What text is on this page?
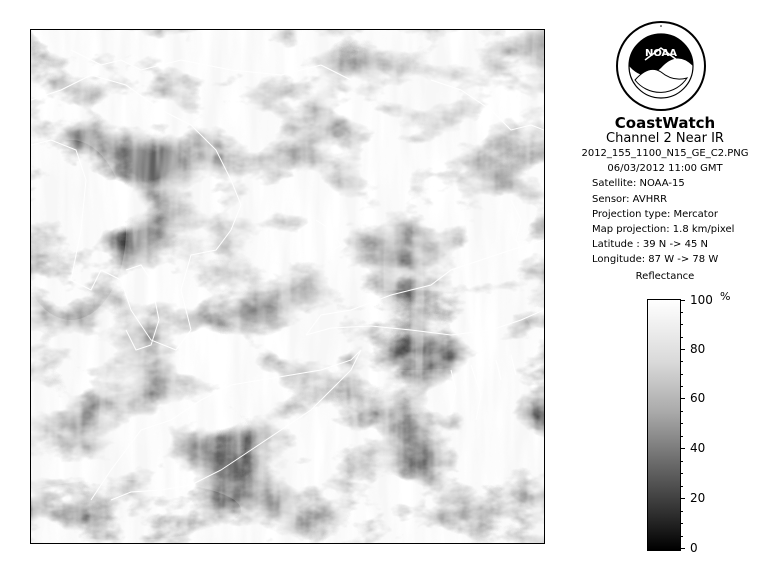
NOAA
CoastWatch
Channel 2 Near IR
2012_155_1100_N15_GE_C2.PNG
06/03/2012 11:00 GMT
Satellite: NOAA-15
Sensor: AVHRR
Projection type: Mercator
Map projection: 1.8 km/pixel
Latitude : 39 N -> 45 N
Longitude: 87 W -> 78 W
Reflectance
%
100
80
60
40
20
0
